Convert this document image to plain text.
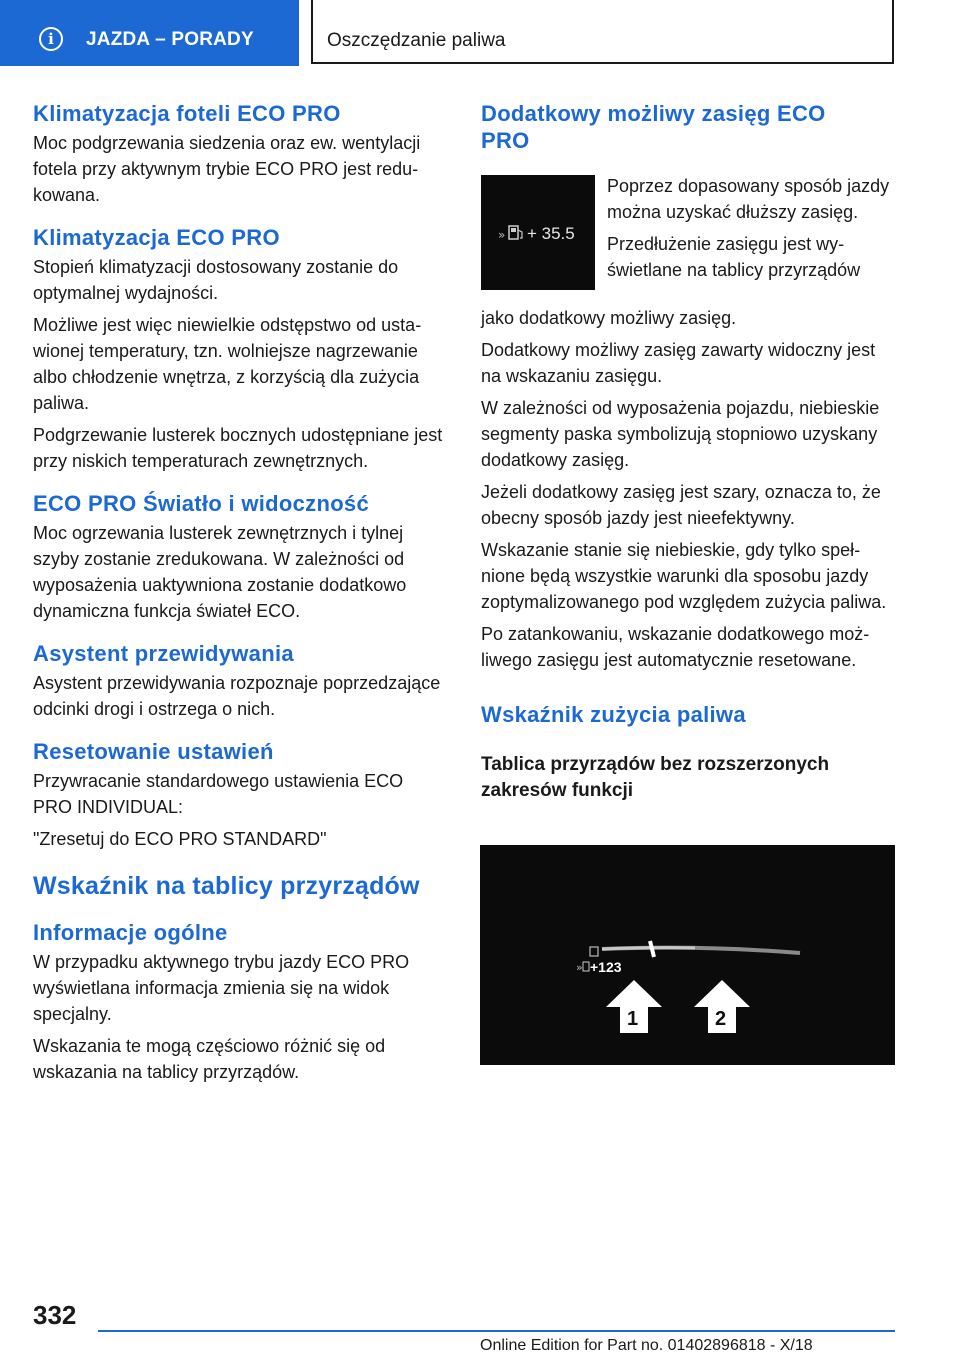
i	JAZDA – PORADY	Oszczędzanie paliwa
Klimatyzacja foteli ECO PRO

Moc podgrzewania siedzenia oraz ew. wentylacji fotela przy aktywnym trybie ECO PRO jest redukowana.

Klimatyzacja ECO PRO

Stopień klimatyzacji dostosowany zostanie do optymalnej wydajności.

Możliwe jest więc niewielkie odstępstwo od ustawionej temperatury, tzn. wolniejsze nagrzewanie albo chłodzenie wnętrza, z korzyścią dla zużycia paliwa.

Podgrzewanie lusterek bocznych udostępniane jest przy niskich temperaturach zewnętrznych.

ECO PRO Światło i widoczność

Moc ogrzewania lusterek zewnętrznych i tylnej szyby zostanie zredukowana. W zależności od wyposażenia uaktywniona zostanie dodatkowo dynamiczna funkcja świateł ECO.

Asystent przewidywania

Asystent przewidywania rozpoznaje poprzedzające odcinki drogi i ostrzega o nich.

Resetowanie ustawień

Przywracanie standardowego ustawienia ECO PRO INDIVIDUAL:

"Zresetuj do ECO PRO STANDARD"

Wskaźnik na tablicy przyrządów
Informacje ogólne

W przypadku aktywnego trybu jazdy ECO PRO wyświetlana informacja zmienia się na widok specjalny.

Wskazania te mogą częściowo różnić się od wskazania na tablicy przyrządów.

Dodatkowy możliwy zasięg ECO PRO
» + 35.5

Poprzez dopasowany sposób jazdy można uzyskać dłuższy zasięg.

Przedłużenie zasięgu jest wyświetlane na tablicy przyrządów

jako dodatkowy możliwy zasięg.

Dodatkowy możliwy zasięg zawarty widoczny jest na wskazaniu zasięgu.

W zależności od wyposażenia pojazdu, niebieskie segmenty paska symbolizują stopniowo uzyskany dodatkowy zasięg.

Jeżeli dodatkowy zasięg jest szary, oznacza to, że obecny sposób jazdy jest nieefektywny.

Wskazanie stanie się niebieskie, gdy tylko spełnione będą wszystkie warunki dla sposobu jazdy zoptymalizowanego pod względem zużycia paliwa.

Po zatankowaniu, wskazanie dodatkowego możliwego zasięgu jest automatycznie resetowane.

Wskaźnik zużycia paliwa
Tablica przyrządów bez rozszerzonych zakresów funkcji
» +123
1	2
332
Online Edition for Part no. 01402896818 - X/18
